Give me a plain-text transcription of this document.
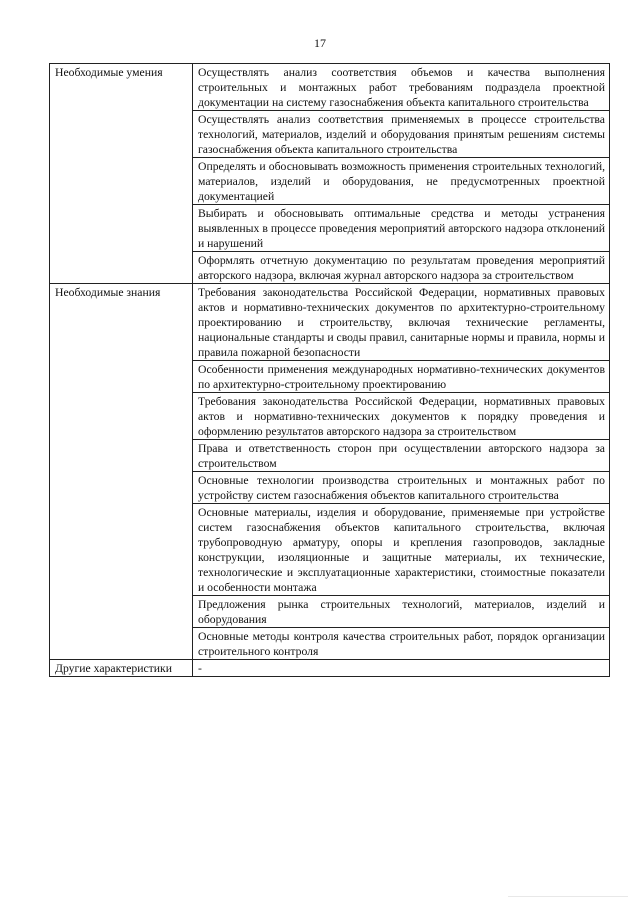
17
Необходимые умения	Осуществлять анализ соответствия объемов и качества выполнения строительных и монтажных работ требованиям подраздела проектной документации на систему газоснабжения объекта капитального строительства
	Осуществлять анализ соответствия применяемых в процессе строительства технологий, материалов, изделий и оборудования принятым решениям системы газоснабжения объекта капитального строительства
	Определять и обосновывать возможность применения строительных технологий, материалов, изделий и оборудования, не предусмотренных проектной документацией
	Выбирать и обосновывать оптимальные средства и методы устранения выявленных в процессе проведения мероприятий авторского надзора отклонений и нарушений
	Оформлять отчетную документацию по результатам проведения мероприятий авторского надзора, включая журнал авторского надзора за строительством
Необходимые знания	Требования законодательства Российской Федерации, нормативных правовых актов и нормативно-технических документов по архитектурно-строительному проектированию и строительству, включая технические регламенты, национальные стандарты и своды правил, санитарные нормы и правила, нормы и правила пожарной безопасности
	Особенности применения международных нормативно-технических документов по архитектурно-строительному проектированию
	Требования законодательства Российской Федерации, нормативных правовых актов и нормативно-технических документов к порядку проведения и оформлению результатов авторского надзора за строительством
	Права и ответственность сторон при осуществлении авторского надзора за строительством
	Основные технологии производства строительных и монтажных работ по устройству систем газоснабжения объектов капитального строительства
	Основные материалы, изделия и оборудование, применяемые при устройстве систем газоснабжения объектов капитального строительства, включая трубопроводную арматуру, опоры и крепления газопроводов, закладные конструкции, изоляционные и защитные материалы, их технические, технологические и эксплуатационные характеристики, стоимостные показатели и особенности монтажа
	Предложения рынка строительных технологий, материалов, изделий и оборудования
	Основные методы контроля качества строительных работ, порядок организации строительного контроля
Другие характеристики	-
